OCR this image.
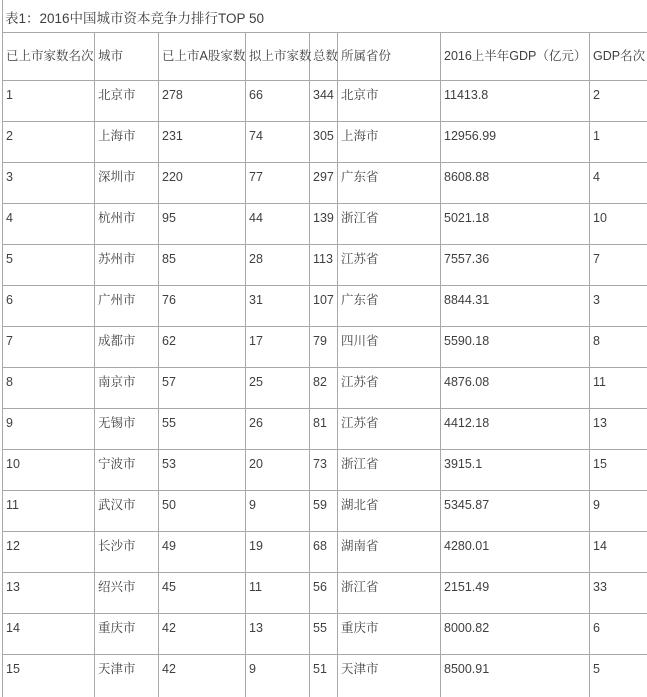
表1：2016中国城市资本竞争力排行TOP 50
已上市家数名次	城市	已上市A股家数	拟上市家数	总数	所属省份	2016上半年GDP（亿元）	GDP名次
1	北京市	278	66	344	北京市	11413.8	2
2	上海市	231	74	305	上海市	12956.99	1
3	深圳市	220	77	297	广东省	8608.88	4
4	杭州市	95	44	139	浙江省	5021.18	10
5	苏州市	85	28	113	江苏省	7557.36	7
6	广州市	76	31	107	广东省	8844.31	3
7	成都市	62	17	79	四川省	5590.18	8
8	南京市	57	25	82	江苏省	4876.08	11
9	无锡市	55	26	81	江苏省	4412.18	13
10	宁波市	53	20	73	浙江省	3915.1	15
11	武汉市	50	9	59	湖北省	5345.87	9
12	长沙市	49	19	68	湖南省	4280.01	14
13	绍兴市	45	11	56	浙江省	2151.49	33
14	重庆市	42	13	55	重庆市	8000.82	6
15	天津市	42	9	51	天津市	8500.91	5
